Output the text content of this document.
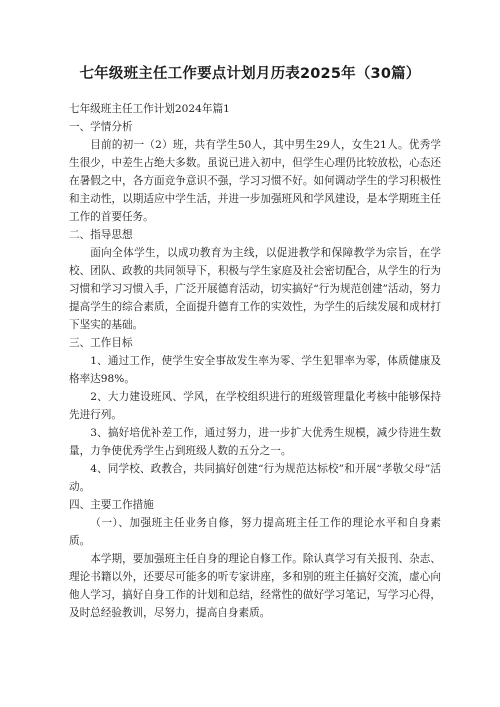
七年级班主任工作要点计划月历表2025年（30篇）

七年级班主任工作计划2024年篇1

一、学情分析

目前的初一（2）班，共有学生50人，其中男生29人，女生21人。优秀学生很少，中差生占绝大多数。虽说已进入初中，但学生心理仍比较放松，心态还在暑假之中，各方面竞争意识不强，学习习惯不好。如何调动学生的学习积极性和主动性，以期适应中学生活，并进一步加强班风和学风建设，是本学期班主任工作的首要任务。

二、指导思想

面向全体学生，以成功教育为主线，以促进教学和保障教学为宗旨，在学校、团队、政教的共同领导下，积极与学生家庭及社会密切配合，从学生的行为习惯和学习习惯入手，广泛开展德育活动，切实搞好“行为规范创建”活动，努力提高学生的综合素质，全面提升德育工作的实效性，为学生的后续发展和成材打下坚实的基础。

三、工作目标

1、通过工作，使学生安全事故发生率为零、学生犯罪率为零，体质健康及格率达98%。

2、大力建设班风、学风，在学校组织进行的班级管理量化考核中能够保持先进行列。

3、搞好培优补差工作，通过努力，进一步扩大优秀生规模，减少待进生数量，力争使优秀学生占到班级人数的五分之一。

4、同学校、政教合，共同搞好创建“行为规范达标校”和开展“孝敬父母”活动。

四、主要工作措施

（一）、加强班主任业务自修，努力提高班主任工作的理论水平和自身素质。

本学期，要加强班主任自身的理论自修工作。除认真学习有关报刊、杂志、理论书籍以外，还要尽可能多的听专家讲座，多和别的班主任搞好交流，虚心向他人学习，搞好自身工作的计划和总结，经常性的做好学习笔记，写学习心得，及时总经验教训，尽努力，提高自身素质。
